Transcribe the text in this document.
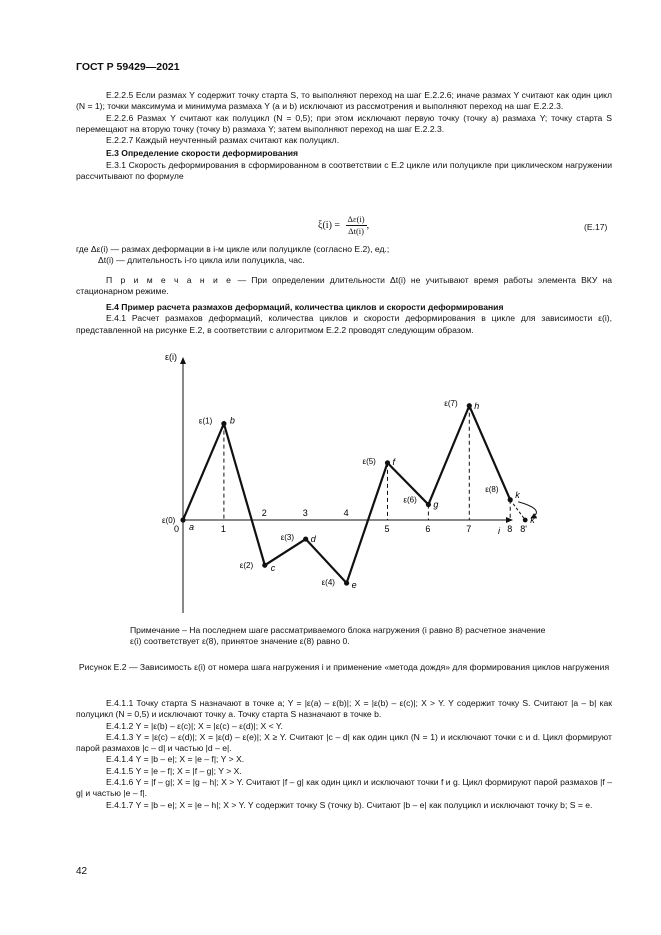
ГОСТ Р 59429—2021

Е.2.2.5 Если размах Y содержит точку старта S, то выполняют переход на шаг Е.2.2.6; иначе размах Y считают как один цикл (N = 1); точки максимума и минимума размаха Y (a и b) исключают из рассмотрения и выполняют переход на шаг Е.2.2.3.

Е.2.2.6 Размах Y считают как полуцикл (N = 0,5); при этом исключают первую точку (точку a) размаха Y; точку старта S перемещают на вторую точку (точку b) размаха Y; затем выполняют переход на шаг Е.2.2.3.

Е.2.2.7 Каждый неучтенный размах считают как полуцикл.

Е.3 Определение скорости деформирования

Е.3.1 Скорость деформирования в сформированном в соответствии с Е.2 цикле или полуцикле при циклическом нагружении рассчитывают по формуле

$\xi(i) = \frac{\Delta\varepsilon(i)}{\Delta t(i)}$ ,	(Е.17)

где Δε(i) — размах деформации в i-м цикле или полуцикле (согласно Е.2), ед.;

Δt(i) — длительность i-го цикла или полуцикла, час.

П р и м е ч а н и е — При определении длительности Δt(i) не учитывают время работы элемента ВКУ на стационарном режиме.

Е.4 Пример расчета размахов деформаций, количества циклов и скорости деформирования

Е.4.1 Расчет размахов деформаций, количества циклов и скорости деформирования в цикле для зависимости ε(i), представленной на рисунке Е.2, в соответствии с алгоритмом Е.2.2 проводят следующим образом.

ε(i)
i
a
ε(0)
b
ε(1)
c
ε(2)
d
ε(3)
e
ε(4)
f
ε(5)
g
ε(6)
h
ε(7)
k
ε(8)
k'
0	1
2	3	4
5	6	7	8 8'
Примечание – На последнем шаге рассматриваемого блока нагружения (i равно 8) расчетное значение ε(i) соответствует ε(8), принятое значение ε(8) равно 0.
Рисунок Е.2 — Зависимость ε(i) от номера шага нагружения i и применение «метода дождя» для формирования циклов нагружения

Е.4.1.1 Точку старта S назначают в точке a; Y = |ε(a) – ε(b)|; X = |ε(b) – ε(c)|; X > Y. Y содержит точку S. Считают |a – b| как полуцикл (N = 0,5) и исключают точку a. Точку старта S назначают в точке b.

Е.4.1.2 Y = |ε(b) – ε(c)|; X = |ε(c) – ε(d)|; X < Y.

Е.4.1.3 Y = |ε(c) – ε(d)|; X = |ε(d) – ε(e)|; X ≥ Y. Считают |c – d| как один цикл (N = 1) и исключают точки c и d. Цикл формируют парой размахов |c – d| и частью |d – e|.

Е.4.1.4 Y = |b – e|; X = |e – f|; Y > X.

Е.4.1.5 Y = |e – f|; X = |f – g|; Y > X.

Е.4.1.6 Y = |f – g|; X = |g – h|; X > Y. Считают |f – g| как один цикл и исключают точки f и g. Цикл формируют парой размахов |f – g| и частью |e – f|.

Е.4.1.7 Y = |b – e|; X = |e – h|; X > Y. Y содержит точку S (точку b). Считают |b – e| как полуцикл и исключают точку b; S = e.

42
